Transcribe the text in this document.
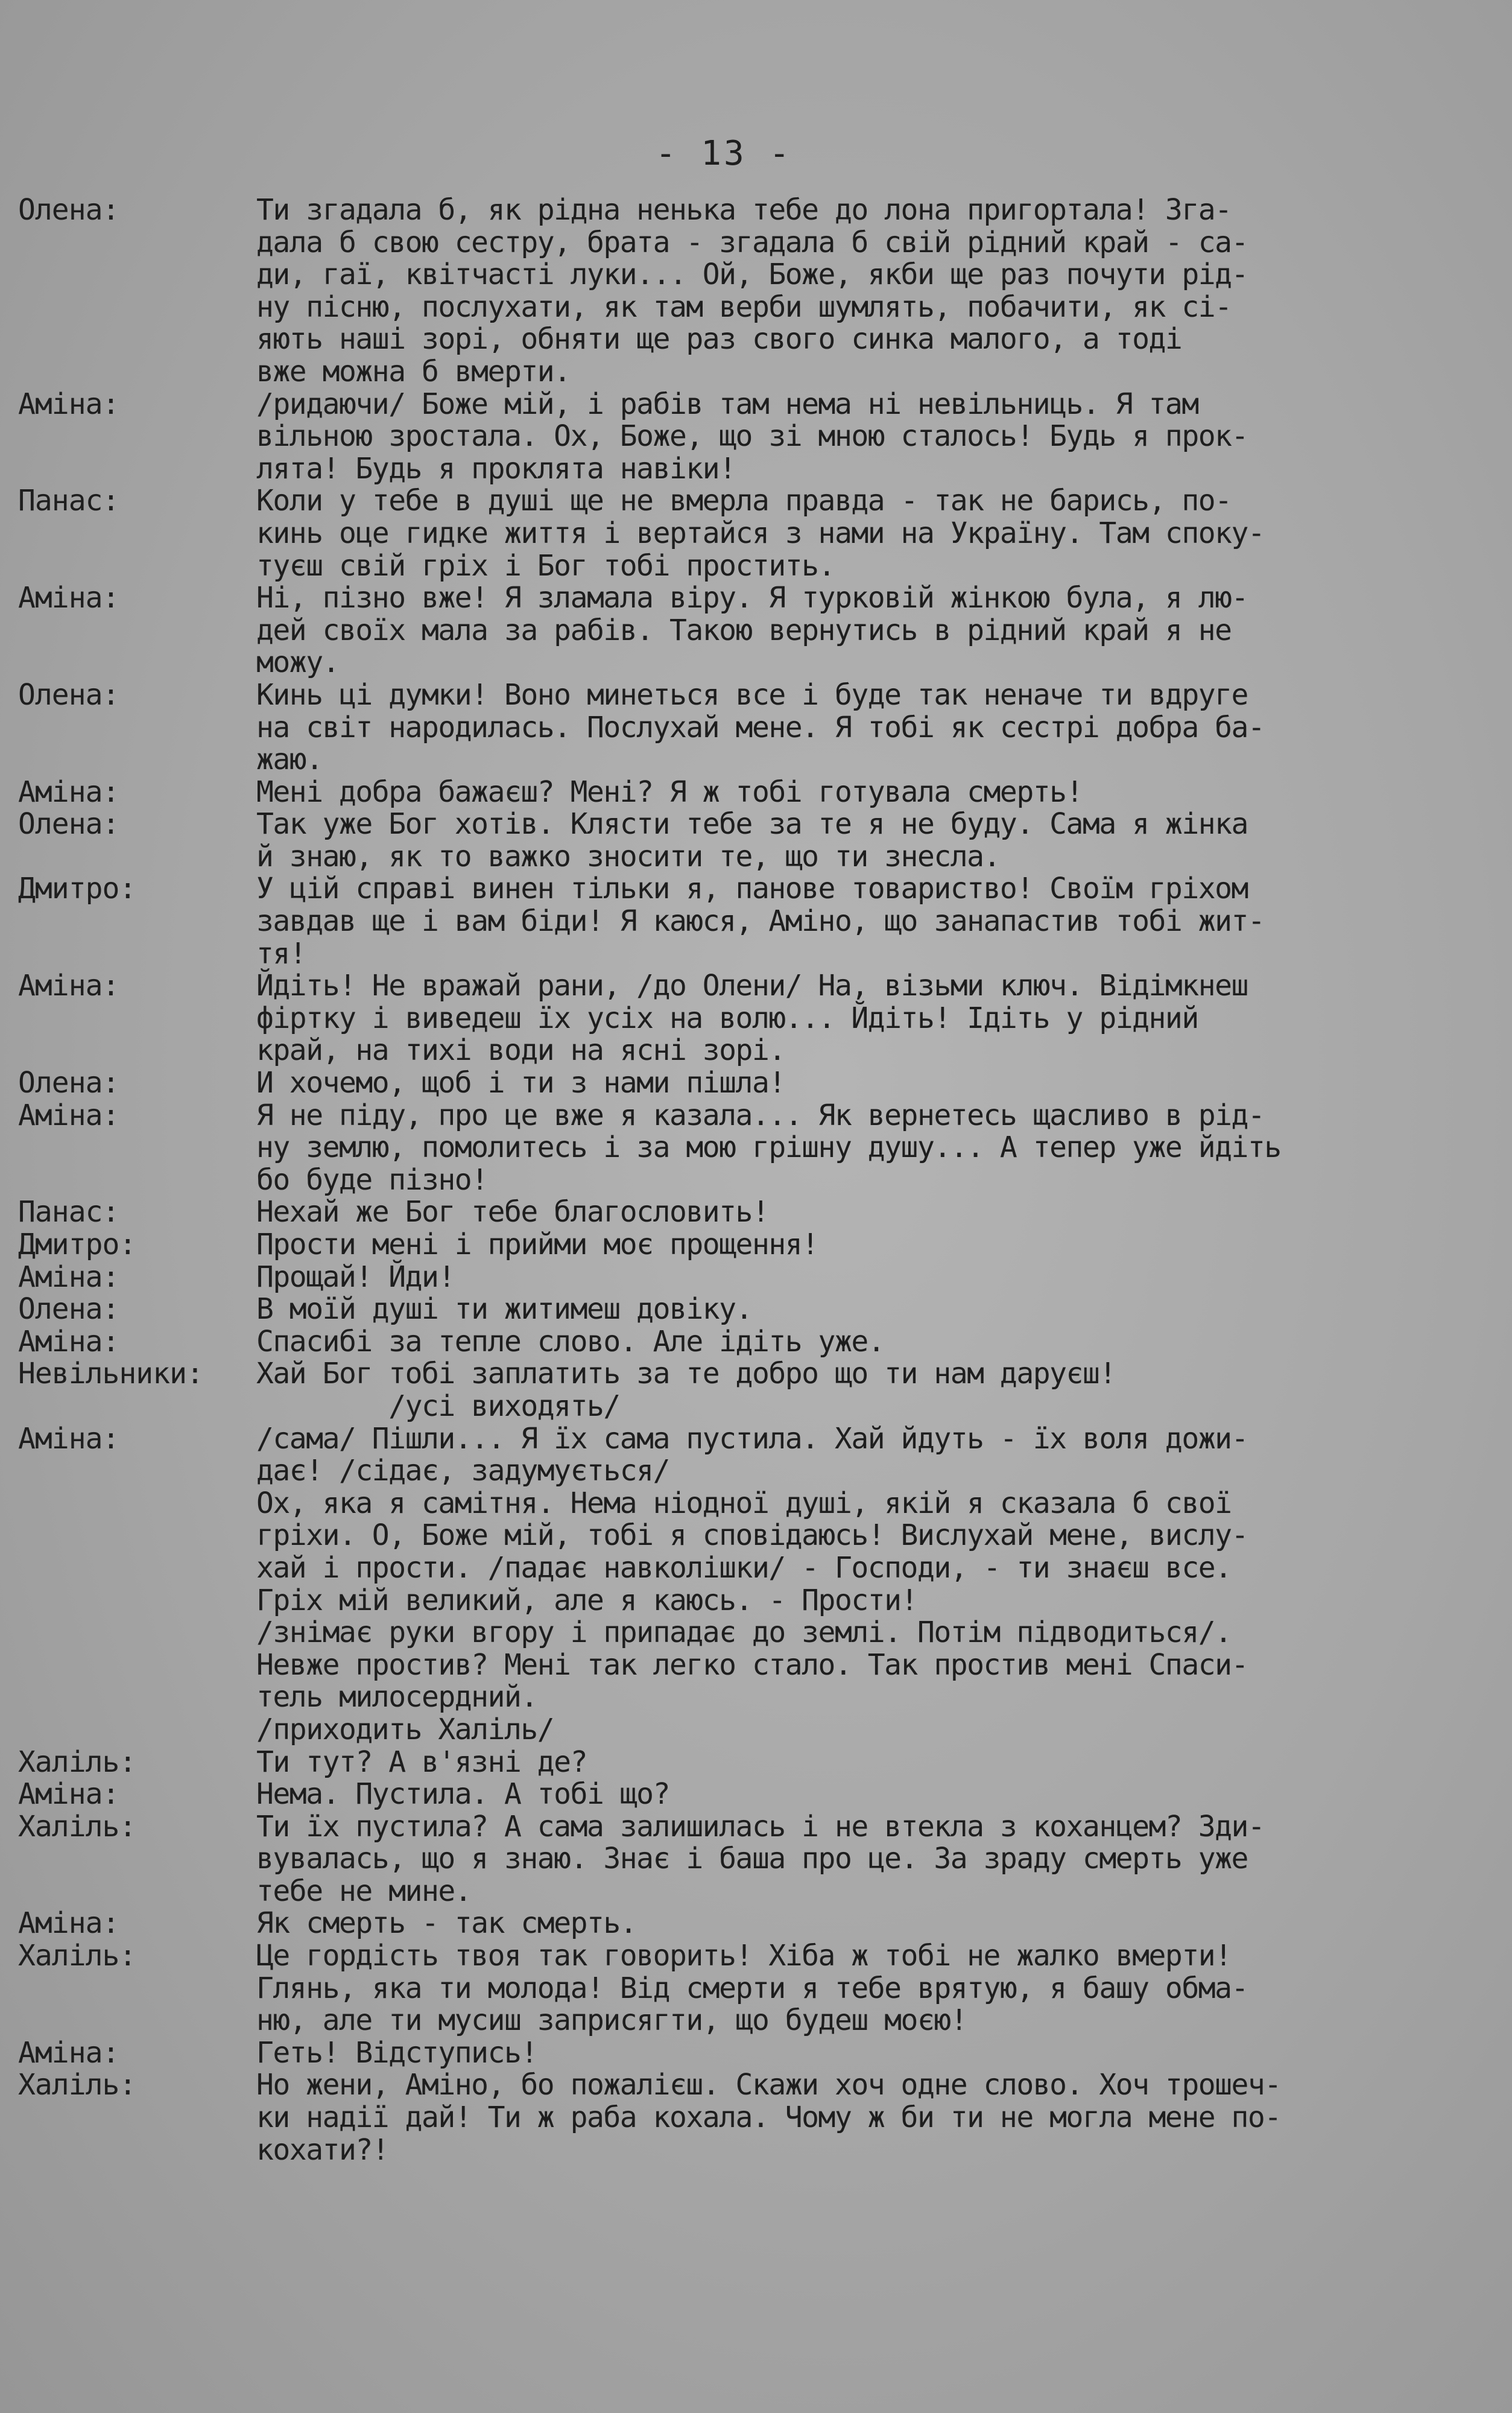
- 13 -
Олена:	Ти згадала б, як рідна ненька тебе до лона пригортала! Зга-
дала б свою сестру, брата - згадала б свій рідний край - са-
ди, гаї, квітчасті луки... Ой, Боже, якби ще раз почути рід-
ну пісню, послухати, як там верби шумлять, побачити, як сі-
яють наші зорі, обняти ще раз свого синка малого, а тоді
вже можна б вмерти.
Аміна:	/ридаючи/ Боже мій, і рабів там нема ні невільниць. Я там
вільною зростала. Ох, Боже, що зі мною сталось! Будь я прок-
лята! Будь я проклята навіки!
Панас:	Коли у тебе в душі ще не вмерла правда - так не барись, по-
кинь оце гидке життя і вертайся з нами на Україну. Там споку-
туєш свій гріх і Бог тобі простить.
Аміна:	Ні, пізно вже! Я зламала віру. Я турковій жінкою була, я лю-
дей своїх мала за рабів. Такою вернутись в рідний край я не
можу.
Олена:	Кинь ці думки! Воно минеться все і буде так неначе ти вдруге
на світ народилась. Послухай мене. Я тобі як сестрі добра ба-
жаю.
Аміна:	Мені добра бажаєш? Мені? Я ж тобі готувала смерть!
Олена:	Так уже Бог хотів. Клясти тебе за те я не буду. Сама я жінка
й знаю, як то важко зносити те, що ти знесла.
Дмитро:	У цій справі винен тільки я, панове товариство! Своїм гріхом
завдав ще і вам біди! Я каюся, Аміно, що занапастив тобі жит-
тя!
Аміна:	Йдіть! Не вражай рани, /до Олени/ На, візьми ключ. Відімкнеш
фіртку і виведеш їх усіх на волю... Йдіть! Ідіть у рідний
край, на тихі води на ясні зорі.
Олена:	И хочемо, щоб і ти з нами пішла!
Аміна:	Я не піду, про це вже я казала... Як вернетесь щасливо в рід-
ну землю, помолитесь і за мою грішну душу... А тепер уже йдіть
бо буде пізно!
Панас:	Нехай же Бог тебе благословить!
Дмитро:	Прости мені і прийми моє прощення!
Аміна:	Прощай! Йди!
Олена:	В моїй душі ти житимеш довіку.
Аміна:	Спасибі за тепле слово. Але ідіть уже.
Невільники: Хай Бог тобі заплатить за те добро що ти нам даруєш!
/усі виходять/
Аміна:	/сама/ Пішли... Я їх сама пустила. Хай йдуть - їх воля дожи-
дає! /сідає, задумується/
Ох, яка я самітня. Нема ніодної душі, якій я сказала б свої
гріхи. О, Боже мій, тобі я сповідаюсь! Вислухай мене, вислу-
хай і прости. /падає навколішки/ - Господи, - ти знаєш все.
Гріх мій великий, але я каюсь. - Прости!
/знімає руки вгору і припадає до землі. Потім підводиться/.
Невже простив? Мені так легко стало. Так простив мені Спаси-
тель милосердний.
/приходить Халіль/
Халіль:	Ти тут? А в'язні де?
Аміна:	Нема. Пустила. А тобі що?
Халіль:	Ти їх пустила? А сама залишилась і не втекла з коханцем? Зди-
вувалась, що я знаю. Знає і баша про це. За зраду смерть уже
тебе не мине.
Аміна:	Як смерть - так смерть.
Халіль:	Це гордість твоя так говорить! Хіба ж тобі не жалко вмерти!
Глянь, яка ти молода! Від смерти я тебе врятую, я башу обма-
ню, але ти мусиш заприсягти, що будеш моєю!
Аміна:	Геть! Відступись!
Халіль:	Но жени, Аміно, бо пожалієш. Скажи хоч одне слово. Хоч трошеч-
ки надії дай! Ти ж раба кохала. Чому ж би ти не могла мене по-
кохати?!
